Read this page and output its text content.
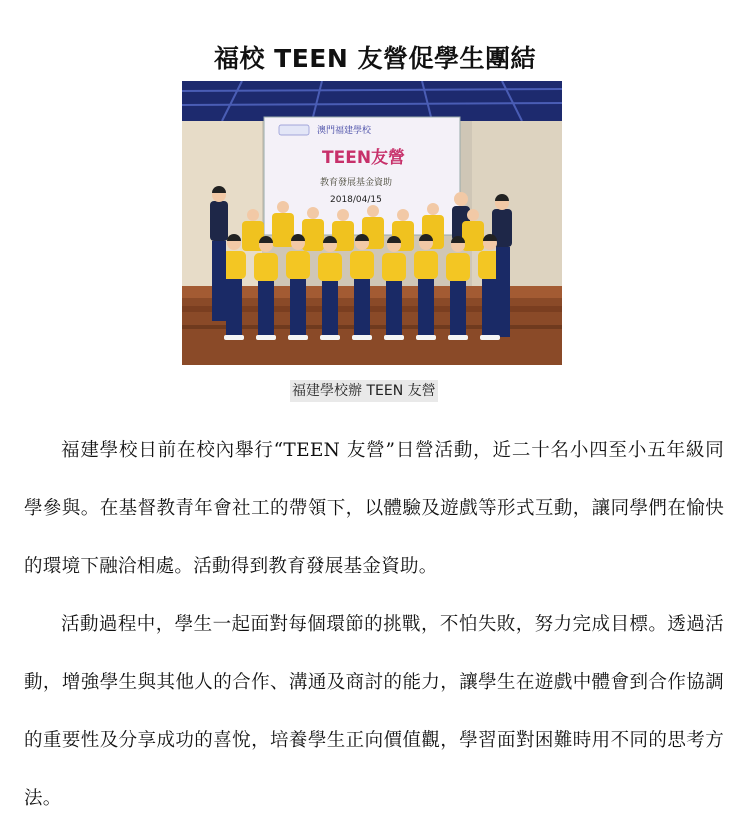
福校 TEEN 友營促學生團結
澳門福建學校
TEEN友營
教育發展基金資助
2018/04/15
福建學校辦 TEEN 友營

福建學校日前在校內舉行“TEEN 友營”日營活動，近二十名小四至小五年級同學參與。在基督教青年會社工的帶領下，以體驗及遊戲等形式互動，讓同學們在愉快的環境下融洽相處。活動得到教育發展基金資助。

活動過程中，學生一起面對每個環節的挑戰，不怕失敗，努力完成目標。透過活動，增強學生與其他人的合作、溝通及商討的能力，讓學生在遊戲中體會到合作協調的重要性及分享成功的喜悅，培養學生正向價值觀，學習面對困難時用不同的思考方法。
